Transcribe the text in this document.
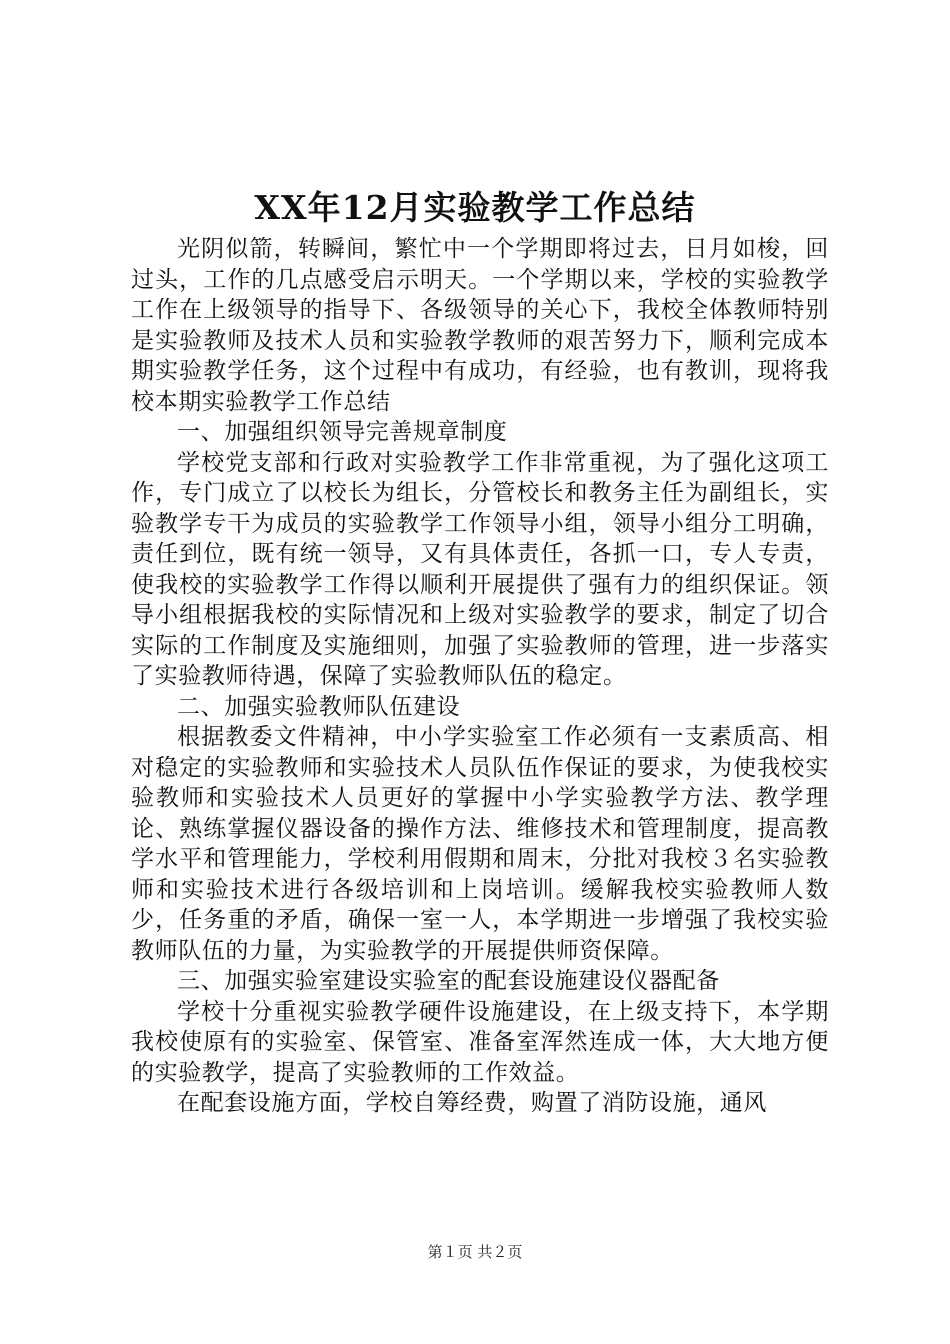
XX年12月实验教学工作总结

光阴似箭，转瞬间，繁忙中一个学期即将过去，日月如梭，回过头，工作的几点感受启示明天。一个学期以来，学校的实验教学工作在上级领导的指导下、各级领导的关心下，我校全体教师特别是实验教师及技术人员和实验教学教师的艰苦努力下，顺利完成本期实验教学任务，这个过程中有成功，有经验，也有教训，现将我校本期实验教学工作总结

一、加强组织领导完善规章制度

学校党支部和行政对实验教学工作非常重视，为了强化这项工作，专门成立了以校长为组长，分管校长和教务主任为副组长，实验教学专干为成员的实验教学工作领导小组，领导小组分工明确，责任到位，既有统一领导，又有具体责任，各抓一口，专人专责，使我校的实验教学工作得以顺利开展提供了强有力的组织保证。领导小组根据我校的实际情况和上级对实验教学的要求，制定了切合实际的工作制度及实施细则，加强了实验教师的管理，进一步落实了实验教师待遇，保障了实验教师队伍的稳定。

二、加强实验教师队伍建设

根据教委文件精神，中小学实验室工作必须有一支素质高、相对稳定的实验教师和实验技术人员队伍作保证的要求，为使我校实验教师和实验技术人员更好的掌握中小学实验教学方法、教学理论、熟练掌握仪器设备的操作方法、维修技术和管理制度，提高教学水平和管理能力，学校利用假期和周末，分批对我校３名实验教师和实验技术进行各级培训和上岗培训。缓解我校实验教师人数少，任务重的矛盾，确保一室一人，本学期进一步增强了我校实验教师队伍的力量，为实验教学的开展提供师资保障。

三、加强实验室建设实验室的配套设施建设仪器配备

学校十分重视实验教学硬件设施建设，在上级支持下，本学期我校使原有的实验室、保管室、准备室浑然连成一体，大大地方便的实验教学，提高了实验教师的工作效益。

在配套设施方面，学校自筹经费，购置了消防设施，通风

第１页 共２页
